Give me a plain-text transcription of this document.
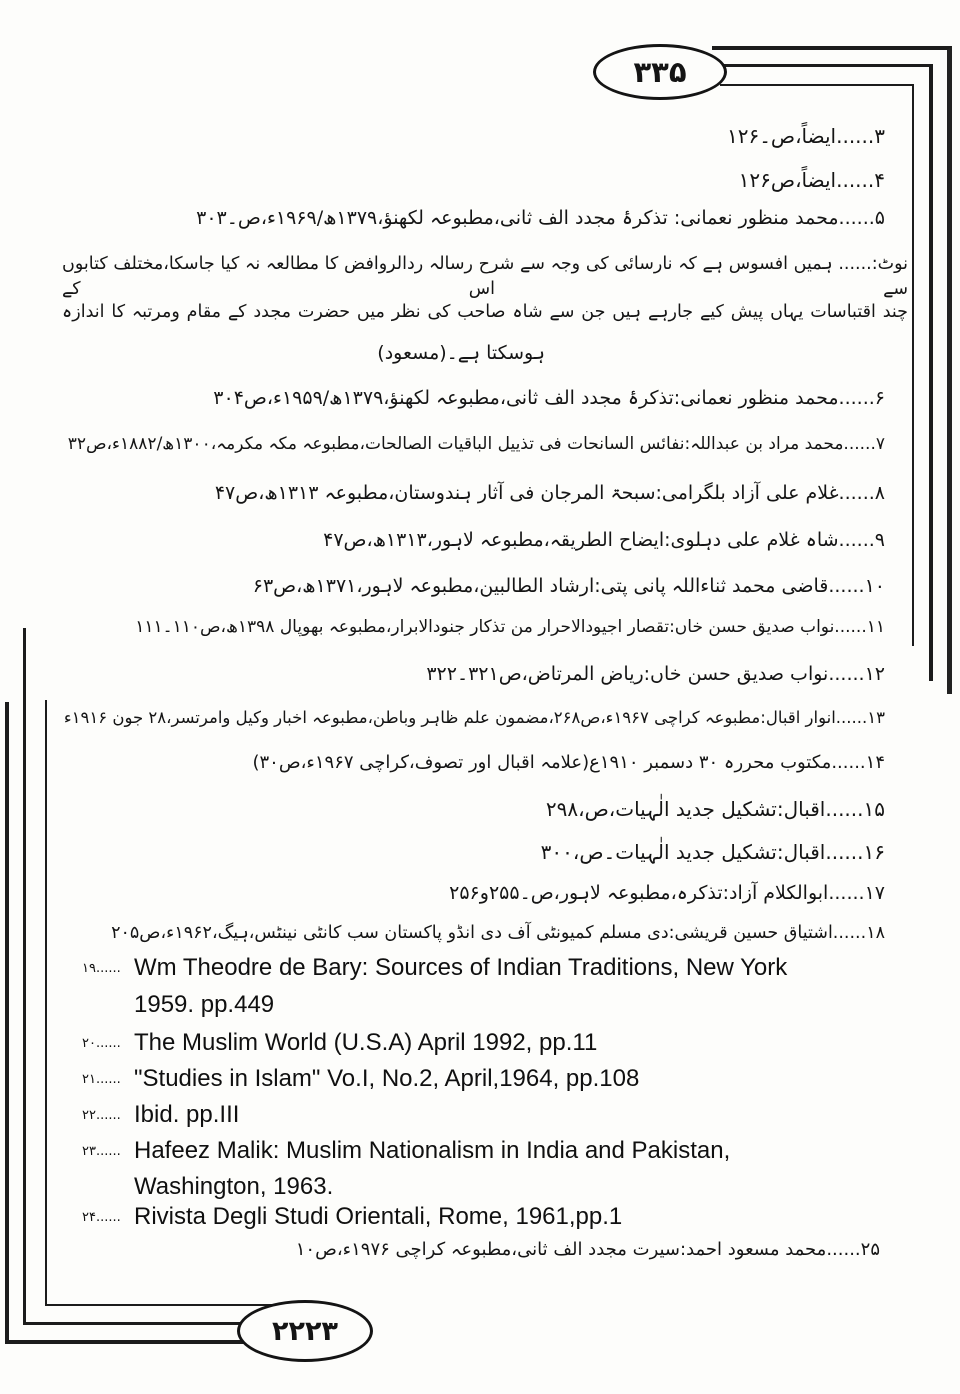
۳۳۵
۲۲۲۳
۳......ایضاً،ص۔۱۲۶
۴......ایضاً،ص۱۲۶
۵......محمد منظور نعمانی: تذکرۂ مجدد الف ثانی،مطبوعہ لکھنؤ،۱۳۷۹ھ/۱۹۶۹ء،ص۔۳۰۳
نوٹ:...... ہمیں افسوس ہے کہ نارسائی کی وجہ سے شرح رسالہ ردالروافض کا مطالعہ نہ کیا جاسکا،مختلف کتابوں سے اس کے
چند اقتباسات یہاں پیش کیے جارہے ہیں جن سے شاہ صاحب کی نظر میں حضرت مجدد کے مقام ومرتبہ کا اندازہ
ہوسکتا ہے۔(مسعود)
۶......محمد منظور نعمانی:تذکرۂ مجدد الف ثانی،مطبوعہ لکھنؤ،۱۳۷۹ھ/۱۹۵۹ء،ص۳۰۴
۷......محمد مراد بن عبداللہ:نفائس السانحات فی تذییل الباقیات الصالحات،مطبوعہ مکہ مکرمہ،۱۳۰۰ھ/۱۸۸۲ء،ص۳۲
۸......غلام علی آزاد بلگرامی:سبحۃ المرجان فی آثار ہندوستان،مطبوعہ ۱۳۱۳ھ،ص۴۷
۹......شاہ غلام علی دہلوی:ایضاح الطریقہ،مطبوعہ لاہور،۱۳۱۳ھ،ص۴۷
۱۰......قاضی محمد ثناءاللہ پانی پتی:ارشاد الطالبین،مطبوعہ لاہور،۱۳۷۱ھ،ص۶۳
۱۱......نواب صدیق حسن خاں:تقصار اجیودالاحرار من تذکار جنودالابرار،مطبوعہ بھوپال ۱۳۹۸ھ،ص۱۱۰۔۱۱۱
۱۲......نواب صدیق حسن خاں:ریاض المرتاض،ص۳۲۱۔۳۲۲
۱۳......انوار اقبال:مطبوعہ کراچی ۱۹۶۷ء،ص۲۶۸،مضمون علم ظاہر وباطن،مطبوعہ اخبار وکیل وامرتسر،۲۸ جون ۱۹۱۶ء
۱۴......مکتوب محررہ ۳۰ دسمبر ۱۹۱۰ع(علامہ اقبال اور تصوف،کراچی ۱۹۶۷ء،ص۳۰)
۱۵......اقبال:تشکیل جدید الٰہیات،ص،۲۹۸
۱۶......اقبال:تشکیل جدید الٰہیات۔ص،۳۰۰
۱۷......ابوالکلام آزاد:تذکرہ،مطبوعہ لاہور،ص۔۲۵۵و۲۵۶
۱۸......اشتیاق حسین قریشی:دی مسلم کمیونٹی آف دی انڈو پاکستان سب کانٹی نینٹس،ہیگ،۱۹۶۲ء،ص۲۰۵
۱۹...... Wm Theodre de Bary: Sources of Indian Traditions, New York
1959. pp.449
۲۰...... The Muslim World (U.S.A) April 1992, pp.11
۲۱...... "Studies in Islam" Vo.I, No.2, April,1964, pp.108
۲۲...... Ibid. pp.III
۲۳...... Hafeez Malik: Muslim Nationalism in India and Pakistan,
Washington, 1963.
۲۴...... Rivista Degli Studi Orientali, Rome, 1961,pp.1
۲۵......محمد مسعود احمد:سیرت مجدد الف ثانی،مطبوعہ کراچی ۱۹۷۶ء،ص۱۰
